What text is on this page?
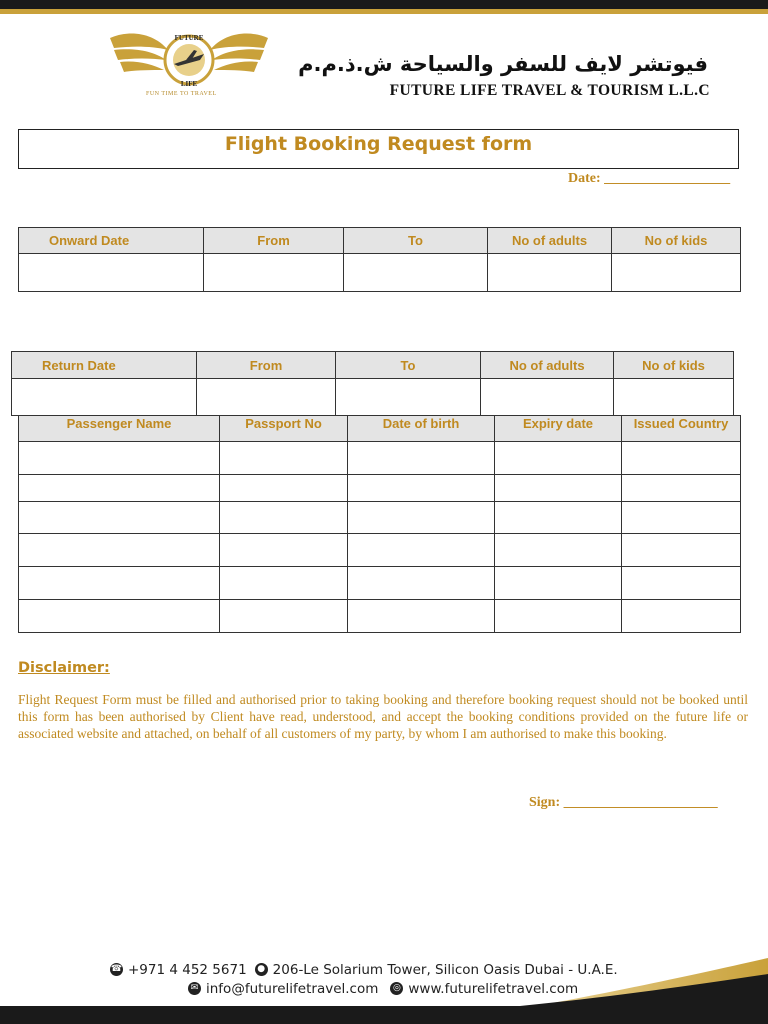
FUTURE
LIFE
FUN TIME TO TRAVEL
فيوتشر لايف للسفر والسياحة ش.ذ.م.م
FUTURE LIFE TRAVEL & TOURISM L.L.C
Flight Booking Request form
Date: __________________
Onward Date	From	To	No of adults	No of kids

Return Date	From	To	No of adults	No of kids

Passenger Name	Passport No	Date of birth	Expiry date	Issued Country

Disclaimer:
Flight Request Form must be filled and authorised prior to taking booking and therefore booking request should not be booked until this form has been authorised by Client have read, understood, and accept the booking conditions provided on the future life or associated website and attached, on behalf of all customers of my party, by whom I am authorised to make this booking.
Sign: ______________________
☎ +971 4 452 5671 ● 206-Le Solarium Tower, Silicon Oasis Dubai - U.A.E.
✉ info@futurelifetravel.com ◎ www.futurelifetravel.com
